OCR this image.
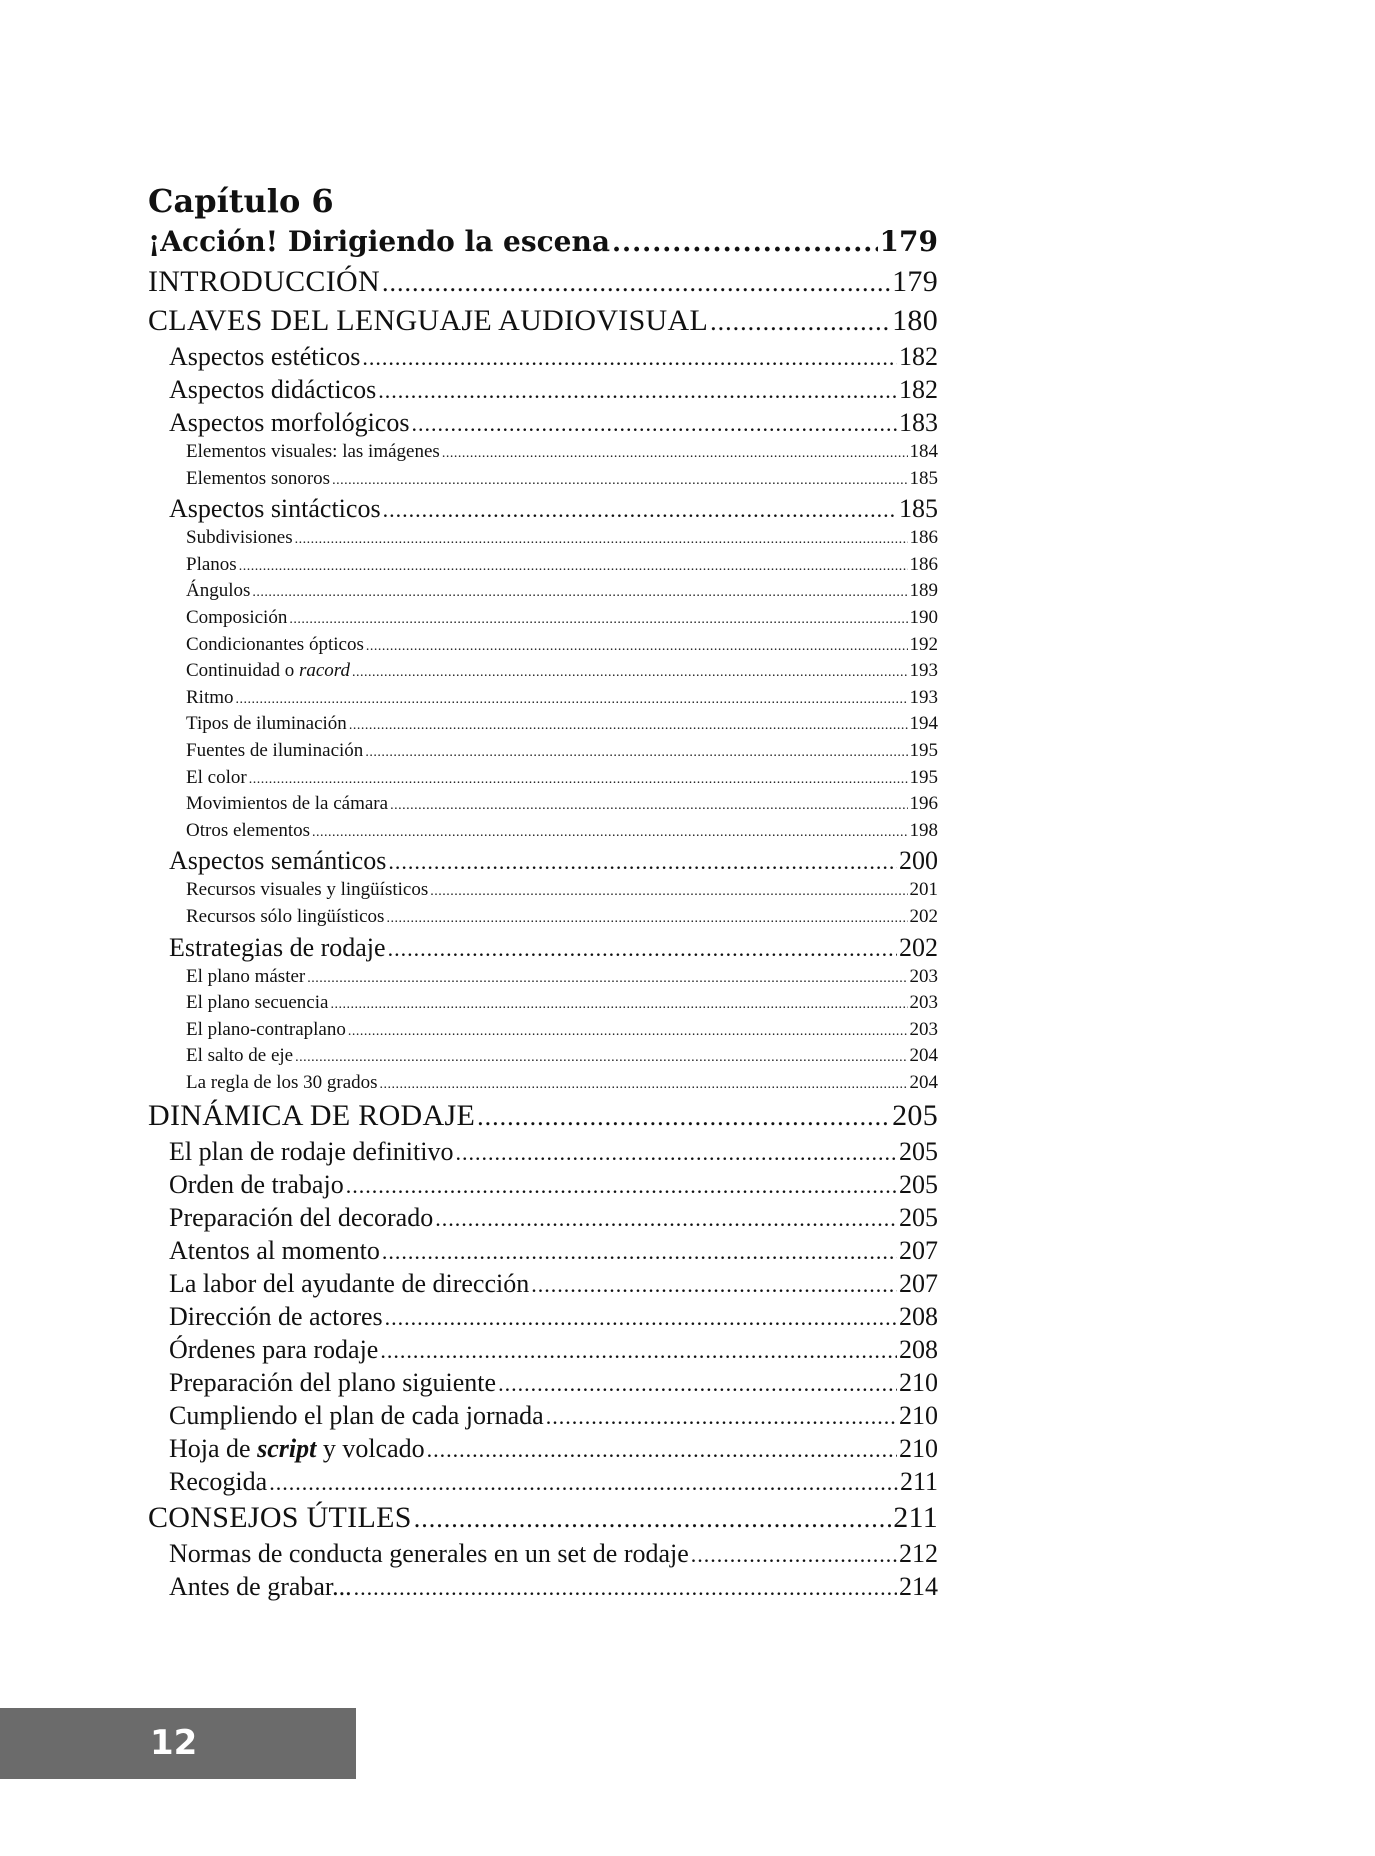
Capítulo 6
¡Acción! Dirigiendo la escena .....	179
INTRODUCCIÓN .....	179
CLAVES DEL LENGUAJE AUDIOVISUAL .....	180
Aspectos estéticos .....	182
Aspectos didácticos .....	182
Aspectos morfológicos .....	183
Elementos visuales: las imágenes .....	184
Elementos sonoros .....	185
Aspectos sintácticos .....	185
Subdivisiones .....	186
Planos .....	186
Ángulos .....	189
Composición .....	190
Condicionantes ópticos .....	192
Continuidad o racord .....	193
Ritmo .....	193
Tipos de iluminación .....	194
Fuentes de iluminación .....	195
El color .....	195
Movimientos de la cámara .....	196
Otros elementos .....	198
Aspectos semánticos .....	200
Recursos visuales y lingüísticos .....	201
Recursos sólo lingüísticos .....	202
Estrategias de rodaje .....	202
El plano máster .....	203
El plano secuencia .....	203
El plano-contraplano .....	203
El salto de eje .....	204
La regla de los 30 grados .....	204
DINÁMICA DE RODAJE .....	205
El plan de rodaje definitivo .....	205
Orden de trabajo .....	205
Preparación del decorado .....	205
Atentos al momento .....	207
La labor del ayudante de dirección .....	207
Dirección de actores .....	208
Órdenes para rodaje .....	208
Preparación del plano siguiente .....	210
Cumpliendo el plan de cada jornada .....	210
Hoja de script y volcado .....	210
Recogida .....	211
CONSEJOS ÚTILES .....	211
Normas de conducta generales en un set de rodaje .....	212
Antes de grabar... .....	214
12
